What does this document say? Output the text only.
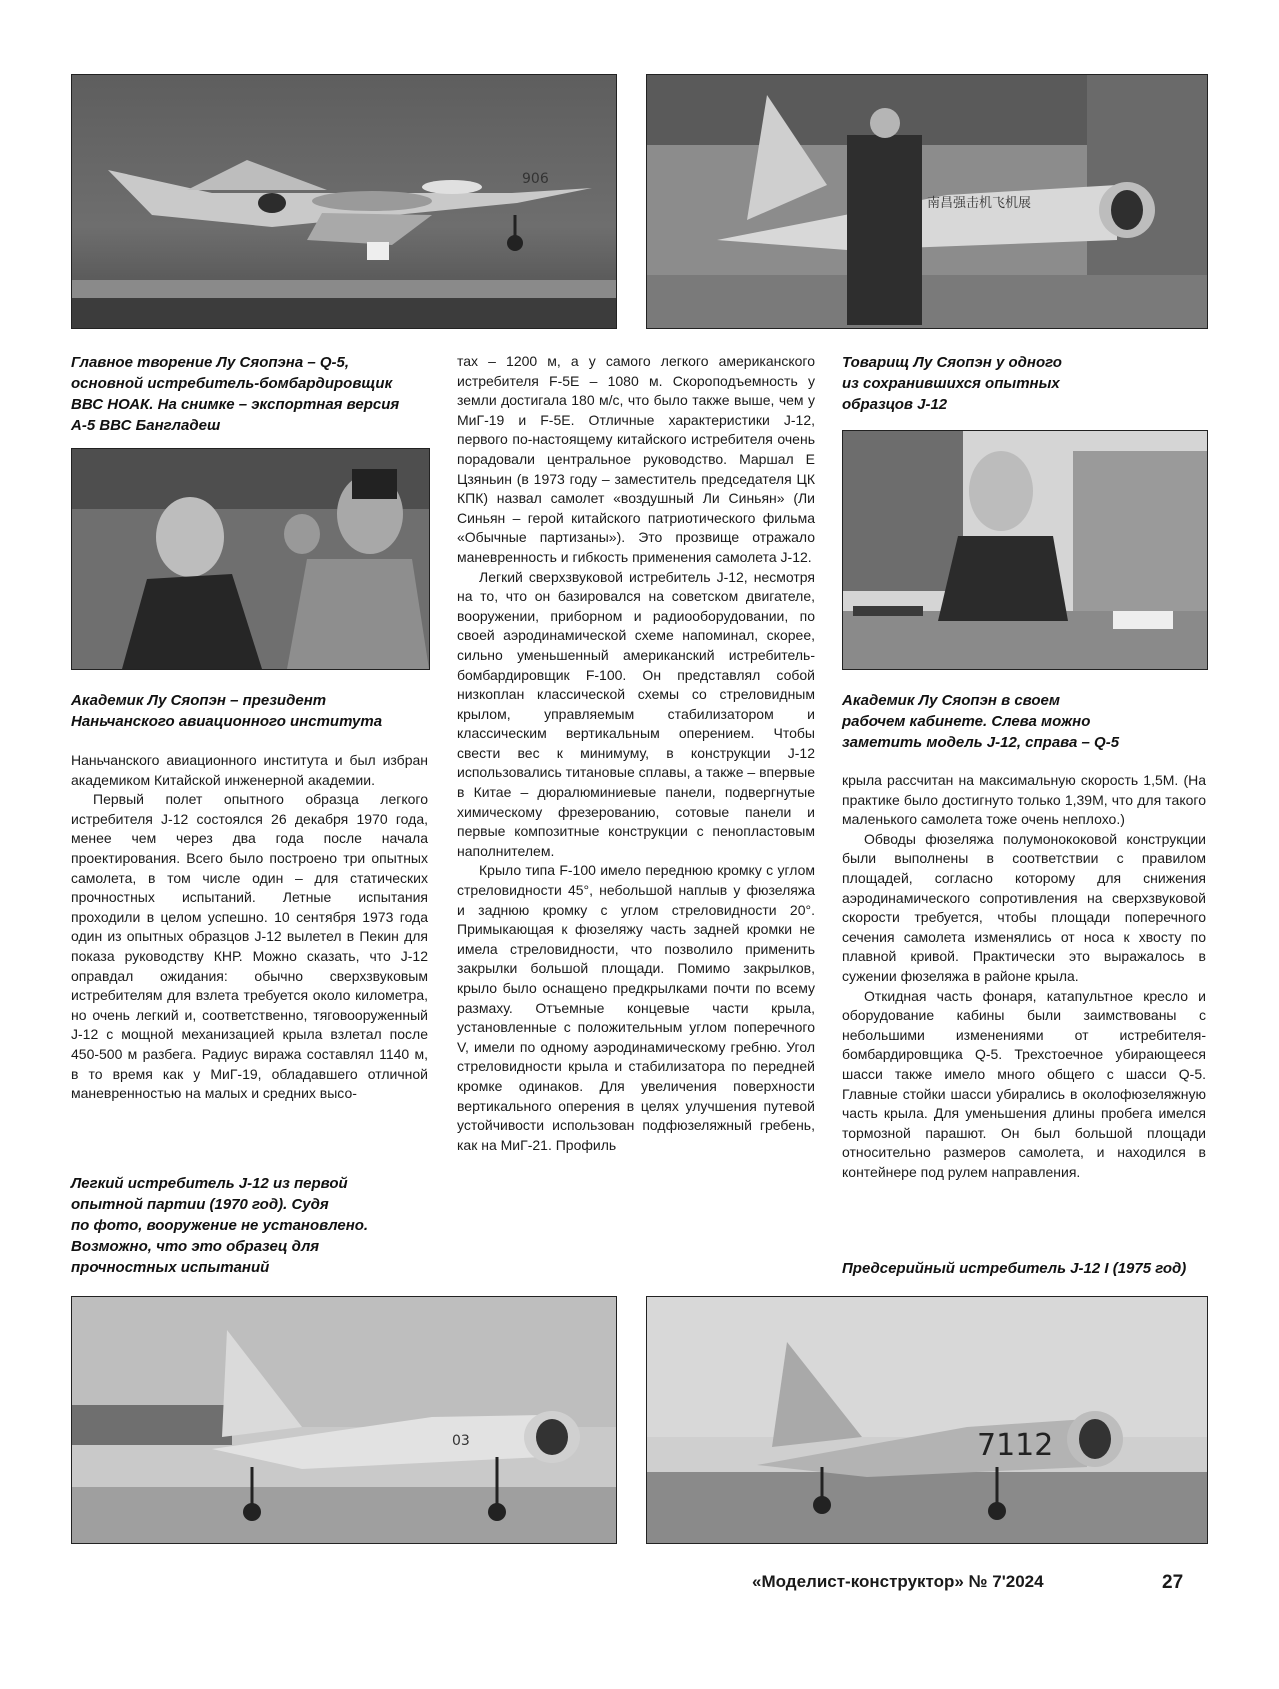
906
南昌强击机飞机展
03	7112
Главное творение Лу Сяопэна – Q-5,
основной истребитель-бомбардировщик
ВВС НОАК. На снимке – экспортная версия
А-5 ВВС Бангладеш
Академик Лу Сяопэн – президент
Наньчанского авиационного института
Легкий истребитель J-12 из первой
опытной партии (1970 год). Судя
по фото, вооружение не установлено.
Возможно, что это образец для
прочностных испытаний
Товарищ Лу Сяопэн у одного
из сохранившихся опытных
образцов J-12
Академик Лу Сяопэн в своем
рабочем кабинете. Слева можно
заметить модель J-12, справа – Q-5
Предсерийный истребитель J-12 I (1975 год)

Наньчанского авиационного института и был избран академиком Китайской инженерной академии.

Первый полет опытного образца легкого истребителя J-12 состоялся 26 декабря 1970 года, менее чем через два года после начала проектирования. Всего было построено три опытных самолета, в том числе один – для статических прочностных испытаний. Летные испытания проходили в целом успешно. 10 сентября 1973 года один из опытных образцов J-12 вылетел в Пекин для показа руководству КНР. Можно сказать, что J-12 оправдал ожидания: обычно сверхзвуковым истребителям для взлета требуется около километра, но очень легкий и, соответственно, тяговооруженный J-12 с мощной механизацией крыла взлетал после 450-500 м разбега. Радиус виража составлял 1140 м, в то время как у МиГ-19, обладавшего отличной маневренностью на малых и средних высо-

тах – 1200 м, а у самого легкого американского истребителя F-5E – 1080 м. Скороподъемность у земли достигала 180 м/с, что было также выше, чем у МиГ-19 и F-5E. Отличные характеристики J-12, первого по-настоящему китайского истребителя очень порадовали центральное руководство. Маршал Е Цзяньин (в 1973 году – заместитель председателя ЦК КПК) назвал самолет «воздушный Ли Синьян» (Ли Синьян – герой китайского патриотического фильма «Обычные партизаны»). Это прозвище отражало маневренность и гибкость применения самолета J-12.

Легкий сверхзвуковой истребитель J-12, несмотря на то, что он базировался на советском двигателе, вооружении, приборном и радиооборудовании, по своей аэродинамической схеме напоминал, скорее, сильно уменьшенный американский истребитель-бомбардировщик F-100. Он представлял собой низкоплан классической схемы со стреловидным крылом, управляемым стабилизатором и классическим вертикальным оперением. Чтобы свести вес к минимуму, в конструкции J-12 использовались титановые сплавы, а также – впервые в Китае – дюралюминиевые панели, подвергнутые химическому фрезерованию, сотовые панели и первые композитные конструкции с пенопластовым наполнителем.

Крыло типа F-100 имело переднюю кромку с углом стреловидности 45°, небольшой наплыв у фюзеляжа и заднюю кромку с углом стреловидности 20°. Примыкающая к фюзеляжу часть задней кромки не имела стреловидности, что позволило применить закрылки большой площади. Помимо закрылков, крыло было оснащено предкрылками почти по всему размаху. Отъемные концевые части крыла, установленные с положительным углом поперечного V, имели по одному аэродинамическому гребню. Угол стреловидности крыла и стабилизатора по передней кромке одинаков. Для увеличения поверхности вертикального оперения в целях улучшения путевой устойчивости использован подфюзеляжный гребень, как на МиГ-21. Профиль

крыла рассчитан на максимальную скорость 1,5М. (На практике было достигнуто только 1,39М, что для такого маленького самолета тоже очень неплохо.)

Обводы фюзеляжа полумонококовой конструкции были выполнены в соответствии с правилом площадей, согласно которому для снижения аэродинамического сопротивления на сверхзвуковой скорости требуется, чтобы площади поперечного сечения самолета изменялись от носа к хвосту по плавной кривой. Практически это выражалось в сужении фюзеляжа в районе крыла.

Откидная часть фонаря, катапультное кресло и оборудование кабины были заимствованы с небольшими изменениями от истребителя-бомбардировщика Q-5. Трехстоечное убирающееся шасси также имело много общего с шасси Q-5. Главные стойки шасси убирались в околофюзеляжную часть крыла. Для уменьшения длины пробега имелся тормозной парашют. Он был большой площади относительно размеров самолета, и находился в контейнере под рулем направления.

«Моделист-конструктор» № 7'2024	27
